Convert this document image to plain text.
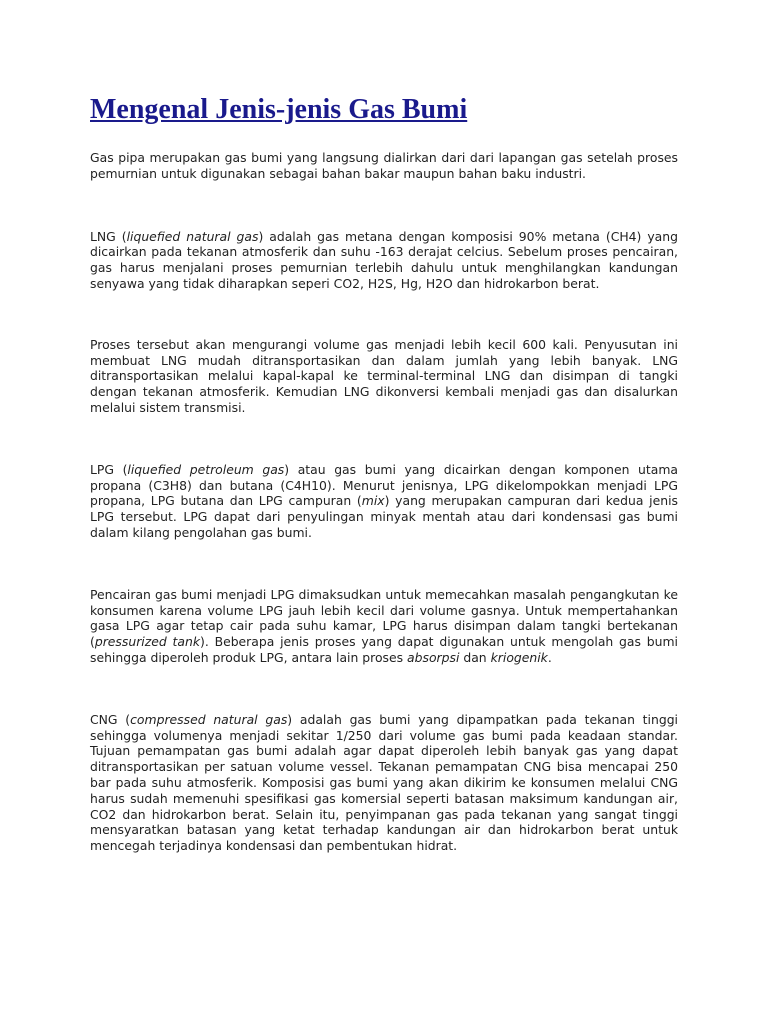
Mengenal Jenis-jenis Gas Bumi

Gas pipa merupakan gas bumi yang langsung dialirkan dari dari lapangan gas setelah proses pemurnian untuk digunakan sebagai bahan bakar maupun bahan baku industri.

LNG (liquefied natural gas) adalah gas metana dengan komposisi 90% metana (CH4) yang dicairkan pada tekanan atmosferik dan suhu -163 derajat celcius. Sebelum proses pencairan, gas harus menjalani proses pemurnian terlebih dahulu untuk menghilangkan kandungan senyawa yang tidak diharapkan seperi CO2, H2S, Hg, H2O dan hidrokarbon berat.

Proses tersebut akan mengurangi volume gas menjadi lebih kecil 600 kali. Penyusutan ini membuat LNG mudah ditransportasikan dan dalam jumlah yang lebih banyak. LNG ditransportasikan melalui kapal-kapal ke terminal-terminal LNG dan disimpan di tangki dengan tekanan atmosferik. Kemudian LNG dikonversi kembali menjadi gas dan disalurkan melalui sistem transmisi.

LPG (liquefied petroleum gas) atau gas bumi yang dicairkan dengan komponen utama propana (C3H8) dan butana (C4H10). Menurut jenisnya, LPG dikelompokkan menjadi LPG propana, LPG butana dan LPG campuran (mix) yang merupakan campuran dari kedua jenis LPG tersebut. LPG dapat dari penyulingan minyak mentah atau dari kondensasi gas bumi dalam kilang pengolahan gas bumi.

Pencairan gas bumi menjadi LPG dimaksudkan untuk memecahkan masalah pengangkutan ke konsumen karena volume LPG jauh lebih kecil dari volume gasnya. Untuk mempertahankan gasa LPG agar tetap cair pada suhu kamar, LPG harus disimpan dalam tangki bertekanan (pressurized tank). Beberapa jenis proses yang dapat digunakan untuk mengolah gas bumi sehingga diperoleh produk LPG, antara lain proses absorpsi dan kriogenik.

CNG (compressed natural gas) adalah gas bumi yang dipampatkan pada tekanan tinggi sehingga volumenya menjadi sekitar 1/250 dari volume gas bumi pada keadaan standar. Tujuan pemampatan gas bumi adalah agar dapat diperoleh lebih banyak gas yang dapat ditransportasikan per satuan volume vessel. Tekanan pemampatan CNG bisa mencapai 250 bar pada suhu atmosferik. Komposisi gas bumi yang akan dikirim ke konsumen melalui CNG harus sudah memenuhi spesifikasi gas komersial seperti batasan maksimum kandungan air, CO2 dan hidrokarbon berat. Selain itu, penyimpanan gas pada tekanan yang sangat tinggi mensyaratkan batasan yang ketat terhadap kandungan air dan hidrokarbon berat untuk mencegah terjadinya kondensasi dan pembentukan hidrat.
